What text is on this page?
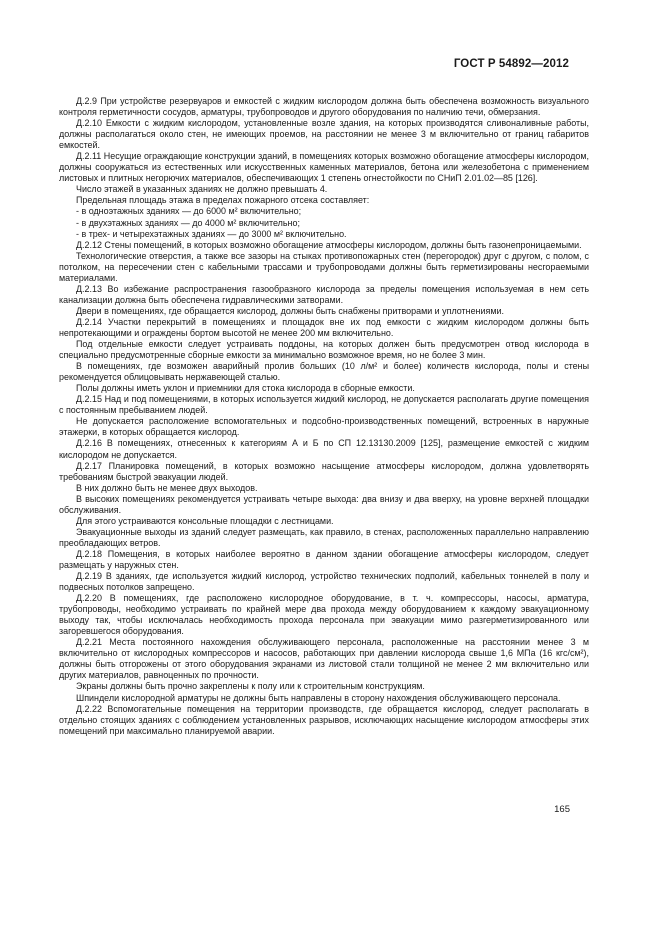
ГОСТ Р 54892—2012

Д.2.9 При устройстве резервуаров и емкостей с жидким кислородом должна быть обеспечена возможность визуального контроля герметичности сосудов, арматуры, трубопроводов и другого оборудования по наличию течи, обмерзания.

Д.2.10 Емкости с жидким кислородом, установленные возле здания, на которых производятся сливоналивные работы, должны располагаться около стен, не имеющих проемов, на расстоянии не менее 3 м включительно от границ габаритов емкостей.

Д.2.11 Несущие ограждающие конструкции зданий, в помещениях которых возможно обогащение атмосферы кислородом, должны сооружаться из естественных или искусственных каменных материалов, бетона или железобетона с применением листовых и плитных негорючих материалов, обеспечивающих 1 степень огнестойкости по СНиП 2.01.02—85 [126].

Число этажей в указанных зданиях не должно превышать 4.

Предельная площадь этажа в пределах пожарного отсека составляет:

- в одноэтажных зданиях — до 6000 м² включительно;

- в двухэтажных зданиях — до 4000 м² включительно;

- в трех- и четырехэтажных зданиях — до 3000 м² включительно.

Д.2.12 Стены помещений, в которых возможно обогащение атмосферы кислородом, должны быть газонепроницаемыми.

Технологические отверстия, а также все зазоры на стыках противопожарных стен (перегородок) друг с другом, с полом, с потолком, на пересечении стен с кабельными трассами и трубопроводами должны быть герметизированы несгораемыми материалами.

Д.2.13 Во избежание распространения газообразного кислорода за пределы помещения используемая в нем сеть канализации должна быть обеспечена гидравлическими затворами.

Двери в помещениях, где обращается кислород, должны быть снабжены притворами и уплотнениями.

Д.2.14 Участки перекрытий в помещениях и площадок вне их под емкости с жидким кислородом должны быть непротекающими и ограждены бортом высотой не менее 200 мм включительно.

Под отдельные емкости следует устраивать поддоны, на которых должен быть предусмотрен отвод кислорода в специально предусмотренные сборные емкости за минимально возможное время, но не более 3 мин.

В помещениях, где возможен аварийный пролив больших (10 л/м² и более) количеств кислорода, полы и стены рекомендуется облицовывать нержавеющей сталью.

Полы должны иметь уклон и приемники для стока кислорода в сборные емкости.

Д.2.15 Над и под помещениями, в которых используется жидкий кислород, не допускается располагать другие помещения с постоянным пребыванием людей.

Не допускается расположение вспомогательных и подсобно-производственных помещений, встроенных в наружные этажерки, в которых обращается кислород.

Д.2.16 В помещениях, отнесенных к категориям А и Б по СП 12.13130.2009 [125], размещение емкостей с жидким кислородом не допускается.

Д.2.17 Планировка помещений, в которых возможно насыщение атмосферы кислородом, должна удовлетворять требованиям быстрой эвакуации людей.

В них должно быть не менее двух выходов.

В высоких помещениях рекомендуется устраивать четыре выхода: два внизу и два вверху, на уровне верхней площадки обслуживания.

Для этого устраиваются консольные площадки с лестницами.

Эвакуационные выходы из зданий следует размещать, как правило, в стенах, расположенных параллельно направлению преобладающих ветров.

Д.2.18 Помещения, в которых наиболее вероятно в данном здании обогащение атмосферы кислородом, следует размещать у наружных стен.

Д.2.19 В зданиях, где используется жидкий кислород, устройство технических подполий, кабельных тоннелей в полу и подвесных потолков запрещено.

Д.2.20 В помещениях, где расположено кислородное оборудование, в т. ч. компрессоры, насосы, арматура, трубопроводы, необходимо устраивать по крайней мере два прохода между оборудованием к каждому эвакуационному выходу так, чтобы исключалась необходимость прохода персонала при эвакуации мимо разгерметизированного или загоревшегося оборудования.

Д.2.21 Места постоянного нахождения обслуживающего персонала, расположенные на расстоянии менее 3 м включительно от кислородных компрессоров и насосов, работающих при давлении кислорода свыше 1,6 МПа (16 кгс/см²), должны быть отгорожены от этого оборудования экранами из листовой стали толщиной не менее 2 мм включительно или других материалов, равноценных по прочности.

Экраны должны быть прочно закреплены к полу или к строительным конструкциям.

Шпиндели кислородной арматуры не должны быть направлены в сторону нахождения обслуживающего персонала.

Д.2.22 Вспомогательные помещения на территории производств, где обращается кислород, следует располагать в отдельно стоящих зданиях с соблюдением установленных разрывов, исключающих насыщение кислородом атмосферы этих помещений при максимально планируемой аварии.

165
